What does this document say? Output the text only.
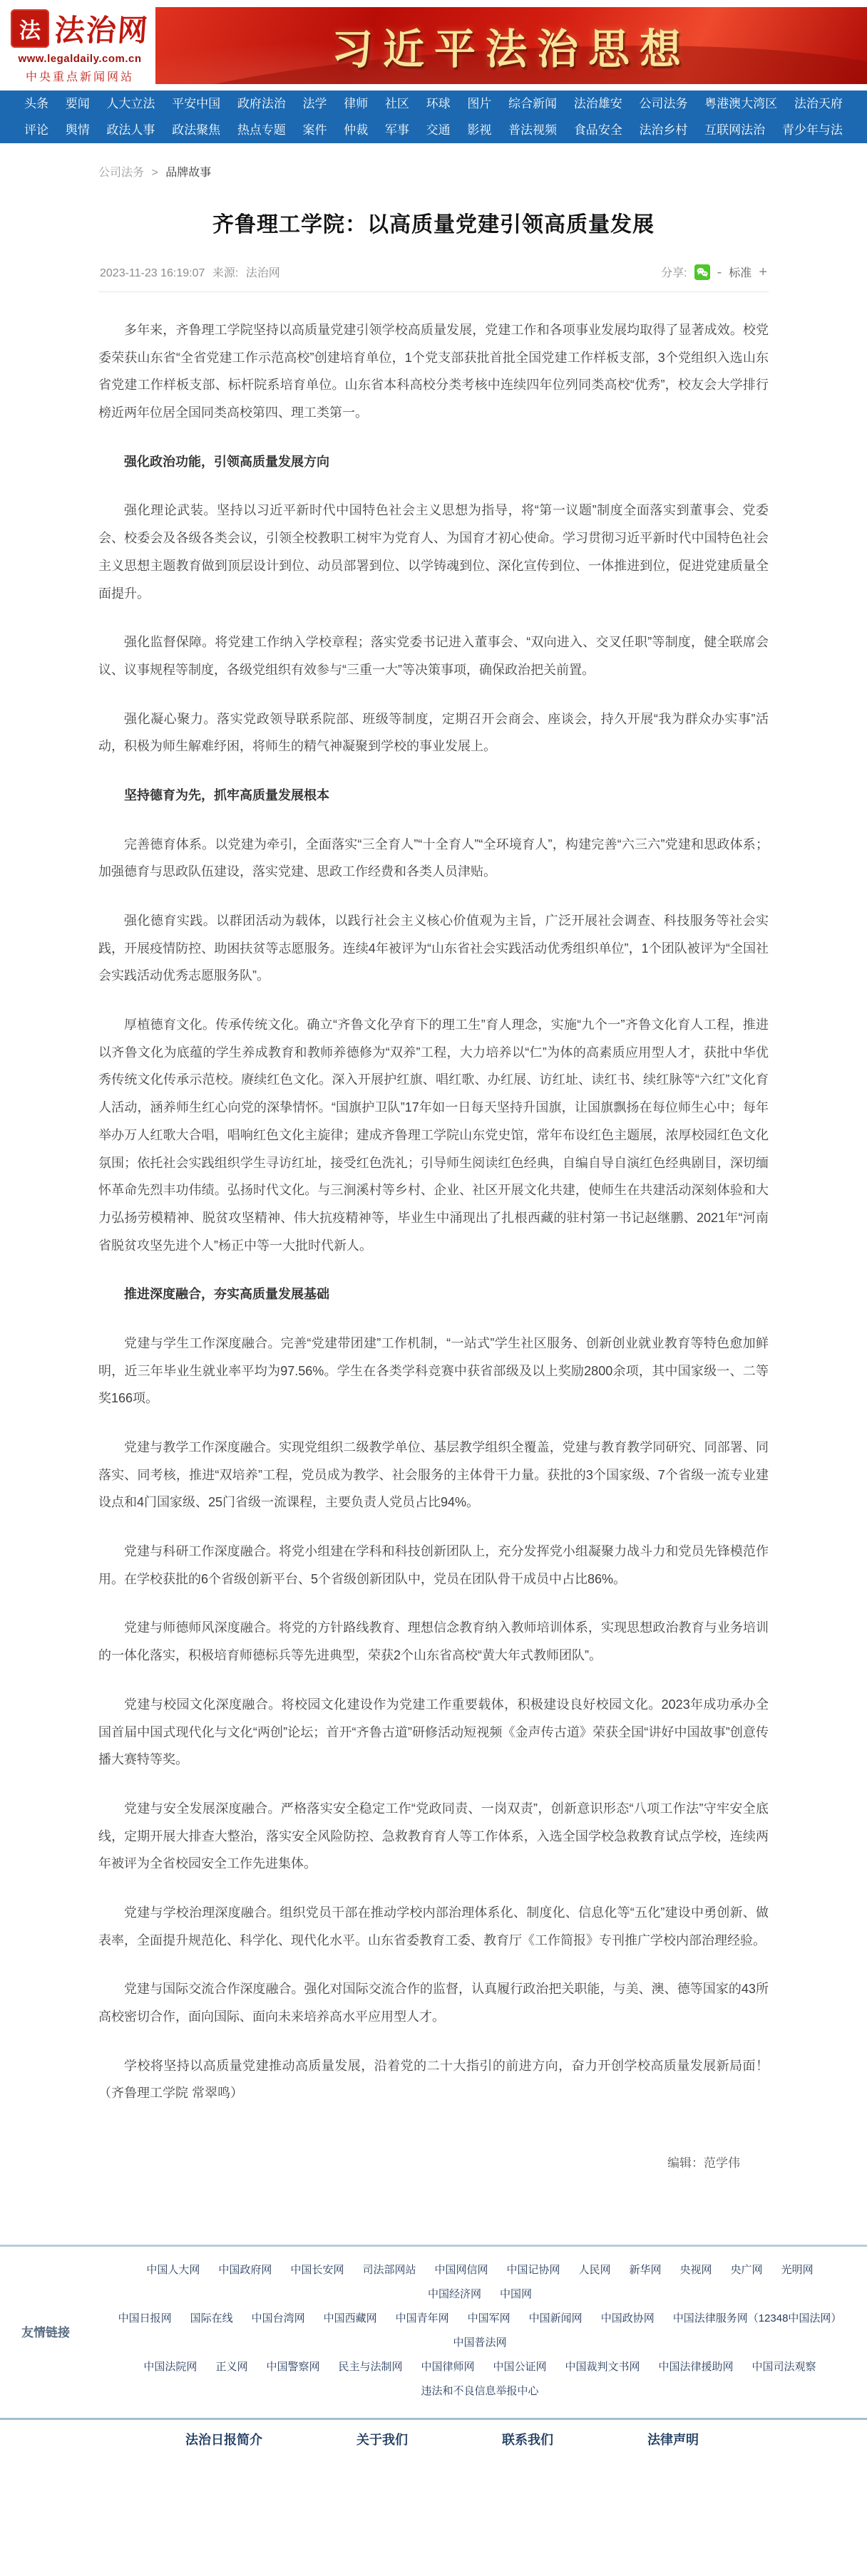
法 法治网
www.legaldaily.com.cn
中央重点新闻网站
习近平法治思想
头条 要闻 人大立法 平安中国 政府法治 法学 律师 社区 环球 图片 综合新闻 法治雄安 公司法务 粤港澳大湾区 法治天府
评论 舆情 政法人事 政法聚焦 热点专题 案件 仲裁 军事 交通 影视 普法视频 食品安全 法治乡村 互联网法治 青少年与法
公司法务 > 品牌故事
齐鲁理工学院：以高质量党建引领高质量发展
2023-11-23 16:19:07 来源: 法治网	分享: - 标准 +

多年来，齐鲁理工学院坚持以高质量党建引领学校高质量发展，党建工作和各项事业发展均取得了显著成效。校党委荣获山东省“全省党建工作示范高校”创建培育单位，1个党支部获批首批全国党建工作样板支部，3个党组织入选山东省党建工作样板支部、标杆院系培育单位。山东省本科高校分类考核中连续四年位列同类高校“优秀”，校友会大学排行榜近两年位居全国同类高校第四、理工类第一。

强化政治功能，引领高质量发展方向

强化理论武装。坚持以习近平新时代中国特色社会主义思想为指导，将“第一议题”制度全面落实到董事会、党委会、校委会及各级各类会议，引领全校教职工树牢为党育人、为国育才初心使命。学习贯彻习近平新时代中国特色社会主义思想主题教育做到顶层设计到位、动员部署到位、以学铸魂到位、深化宣传到位、一体推进到位，促进党建质量全面提升。

强化监督保障。将党建工作纳入学校章程；落实党委书记进入董事会、“双向进入、交叉任职”等制度，健全联席会议、议事规程等制度，各级党组织有效参与“三重一大”等决策事项，确保政治把关前置。

强化凝心聚力。落实党政领导联系院部、班级等制度，定期召开会商会、座谈会，持久开展“我为群众办实事”活动，积极为师生解难纾困，将师生的精气神凝聚到学校的事业发展上。

坚持德育为先，抓牢高质量发展根本

完善德育体系。以党建为牵引，全面落实“三全育人”“十全育人”“全环境育人”，构建完善“六三六”党建和思政体系；加强德育与思政队伍建设，落实党建、思政工作经费和各类人员津贴。

强化德育实践。以群团活动为载体，以践行社会主义核心价值观为主旨，广泛开展社会调查、科技服务等社会实践，开展疫情防控、助困扶贫等志愿服务。连续4年被评为“山东省社会实践活动优秀组织单位”，1个团队被评为“全国社会实践活动优秀志愿服务队”。

厚植德育文化。传承传统文化。确立“齐鲁文化孕育下的理工生”育人理念，实施“九个一”齐鲁文化育人工程，推进以齐鲁文化为底蕴的学生养成教育和教师养德修为“双养”工程，大力培养以“仁”为体的高素质应用型人才，获批中华优秀传统文化传承示范校。赓续红色文化。深入开展护红旗、唱红歌、办红展、访红址、读红书、续红脉等“六红”文化育人活动，涵养师生红心向党的深挚情怀。“国旗护卫队”17年如一日每天坚持升国旗，让国旗飘扬在每位师生心中；每年举办万人红歌大合唱，唱响红色文化主旋律；建成齐鲁理工学院山东党史馆，常年布设红色主题展，浓厚校园红色文化氛围；依托社会实践组织学生寻访红址，接受红色洗礼；引导师生阅读红色经典，自编自导自演红色经典剧目，深切缅怀革命先烈丰功伟绩。弘扬时代文化。与三涧溪村等乡村、企业、社区开展文化共建，使师生在共建活动深刻体验和大力弘扬劳模精神、脱贫攻坚精神、伟大抗疫精神等，毕业生中涌现出了扎根西藏的驻村第一书记赵继鹏、2021年“河南省脱贫攻坚先进个人”杨正中等一大批时代新人。

推进深度融合，夯实高质量发展基础

党建与学生工作深度融合。完善“党建带团建”工作机制，“一站式”学生社区服务、创新创业就业教育等特色愈加鲜明，近三年毕业生就业率平均为97.56%。学生在各类学科竞赛中获省部级及以上奖励2800余项，其中国家级一、二等奖166项。

党建与教学工作深度融合。实现党组织二级教学单位、基层教学组织全覆盖，党建与教育教学同研究、同部署、同落实、同考核，推进“双培养”工程，党员成为教学、社会服务的主体骨干力量。获批的3个国家级、7个省级一流专业建设点和4门国家级、25门省级一流课程，主要负责人党员占比94%。

党建与科研工作深度融合。将党小组建在学科和科技创新团队上，充分发挥党小组凝聚力战斗力和党员先锋模范作用。在学校获批的6个省级创新平台、5个省级创新团队中，党员在团队骨干成员中占比86%。

党建与师德师风深度融合。将党的方针路线教育、理想信念教育纳入教师培训体系，实现思想政治教育与业务培训的一体化落实，积极培育师德标兵等先进典型，荣获2个山东省高校“黄大年式教师团队”。

党建与校园文化深度融合。将校园文化建设作为党建工作重要载体，积极建设良好校园文化。2023年成功承办全国首届中国式现代化与文化“两创”论坛；首开“齐鲁古道”研修活动短视频《金声传古道》荣获全国“讲好中国故事”创意传播大赛特等奖。

党建与安全发展深度融合。严格落实安全稳定工作“党政同责、一岗双责”，创新意识形态“八项工作法”守牢安全底线，定期开展大排查大整治，落实安全风险防控、急救教育育人等工作体系，入选全国学校急救教育试点学校，连续两年被评为全省校园安全工作先进集体。

党建与学校治理深度融合。组织党员干部在推动学校内部治理体系化、制度化、信息化等“五化”建设中勇创新、做表率，全面提升规范化、科学化、现代化水平。山东省委教育工委、教育厅《工作简报》专刊推广学校内部治理经验。

党建与国际交流合作深度融合。强化对国际交流合作的监督，认真履行政治把关职能，与美、澳、德等国家的43所高校密切合作，面向国际、面向未来培养高水平应用型人才。

学校将坚持以高质量党建推动高质量发展，沿着党的二十大指引的前进方向，奋力开创学校高质量发展新局面！（齐鲁理工学院 常翠鸣）

编辑：范学伟
友情链接
中国人大网 中国政府网 中国长安网 司法部网站 中国网信网 中国记协网 人民网 新华网 央视网 央广网 光明网中国经济网 中国网
中国日报网 国际在线 中国台湾网 中国西藏网 中国青年网 中国军网 中国新闻网 中国政协网 中国法律服务网（12348中国法网）中国普法网
中国法院网 正义网 中国警察网 民主与法制网 中国律师网 中国公证网 中国裁判文书网 中国法律援助网 中国司法观察违法和不良信息举报中心
法治日报简介	关于我们	联系我们	法律声明
